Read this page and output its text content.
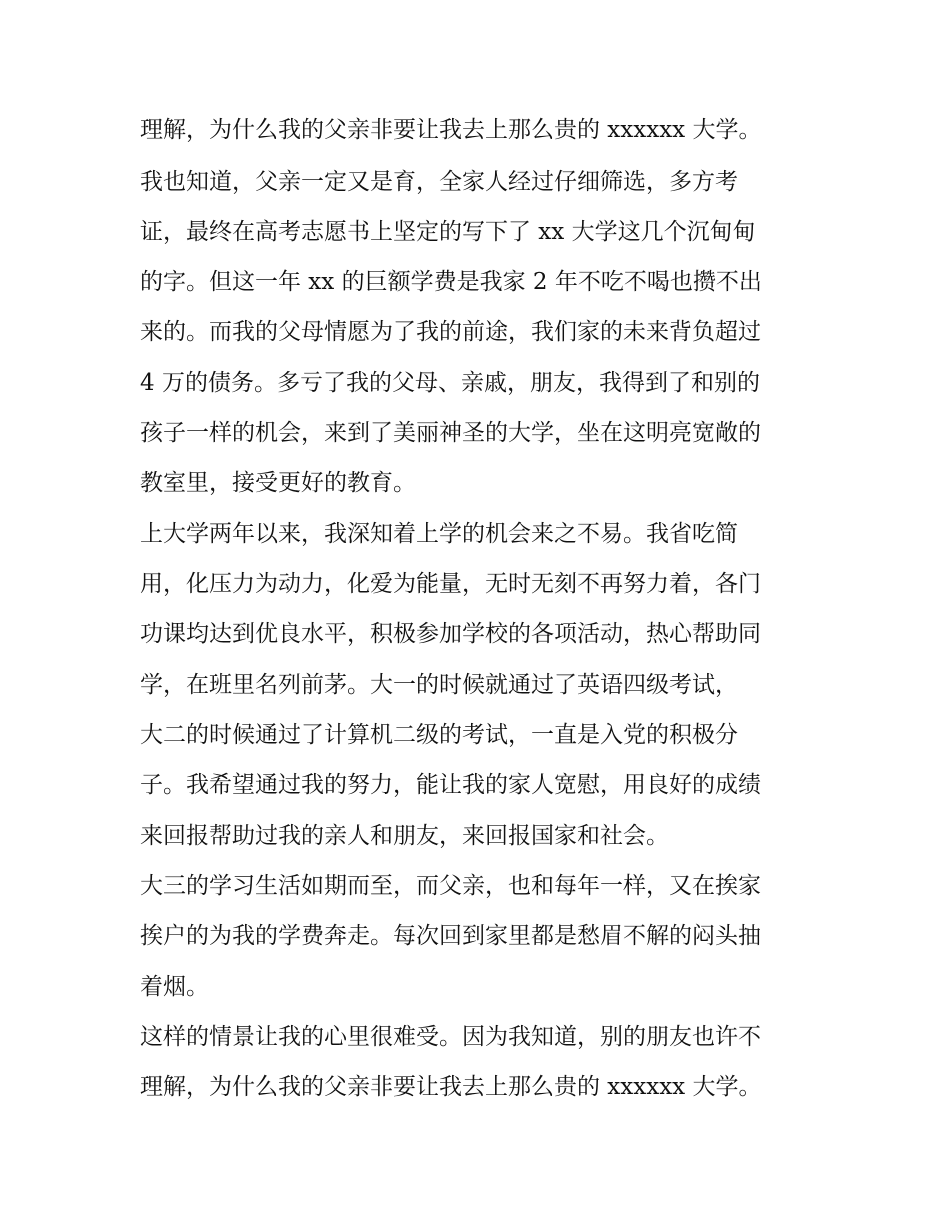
理解，为什么我的父亲非要让我去上那么贵的 xxxxxx 大学。
我也知道，父亲一定又是育，全家人经过仔细筛选，多方考
证，最终在高考志愿书上坚定的写下了 xx 大学这几个沉甸甸
的字。但这一年 xx 的巨额学费是我家 2 年不吃不喝也攒不出
来的。而我的父母情愿为了我的前途，我们家的未来背负超过
4 万的债务。多亏了我的父母、亲戚，朋友，我得到了和别的
孩子一样的机会，来到了美丽神圣的大学，坐在这明亮宽敞的
教室里，接受更好的教育。
上大学两年以来，我深知着上学的机会来之不易。我省吃简
用，化压力为动力，化爱为能量，无时无刻不再努力着，各门
功课均达到优良水平，积极参加学校的各项活动，热心帮助同
学，在班里名列前茅。大一的时候就通过了英语四级考试，
大二的时候通过了计算机二级的考试，一直是入党的积极分
子。我希望通过我的努力，能让我的家人宽慰，用良好的成绩
来回报帮助过我的亲人和朋友，来回报国家和社会。
大三的学习生活如期而至，而父亲，也和每年一样，又在挨家
挨户的为我的学费奔走。每次回到家里都是愁眉不解的闷头抽
着烟。
这样的情景让我的心里很难受。因为我知道，别的朋友也许不
理解，为什么我的父亲非要让我去上那么贵的 xxxxxx 大学。
